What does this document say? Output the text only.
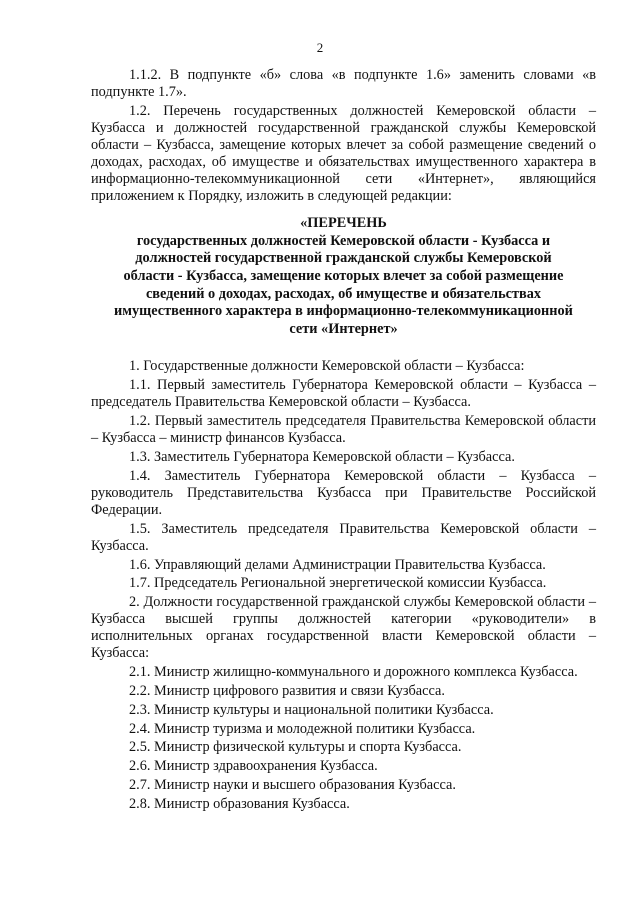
2

1.1.2. В подпункте «б» слова «в подпункте 1.6» заменить словами «в подпункте 1.7».

1.2. Перечень государственных должностей Кемеровской области – Кузбасса и должностей государственной гражданской службы Кемеровской области – Кузбасса, замещение которых влечет за собой размещение сведений о доходах, расходах, об имуществе и обязательствах имущественного характера в информационно-телекоммуникационной сети «Интернет», являющийся приложением к Порядку, изложить в следующей редакции:

«ПЕРЕЧЕНЬ
государственных должностей Кемеровской области - Кузбасса и
должностей государственной гражданской службы Кемеровской
области - Кузбасса, замещение которых влечет за собой размещение
сведений о доходах, расходах, об имуществе и обязательствах
имущественного характера в информационно-телекоммуникационной
сети «Интернет»

1. Государственные должности Кемеровской области – Кузбасса:

1.1. Первый заместитель Губернатора Кемеровской области – Кузбасса – председатель Правительства Кемеровской области – Кузбасса.

1.2. Первый заместитель председателя Правительства Кемеровской области – Кузбасса – министр финансов Кузбасса.

1.3. Заместитель Губернатора Кемеровской области – Кузбасса.

1.4. Заместитель Губернатора Кемеровской области – Кузбасса – руководитель Представительства Кузбасса при Правительстве Российской Федерации.

1.5. Заместитель председателя Правительства Кемеровской области – Кузбасса.

1.6. Управляющий делами Администрации Правительства Кузбасса.

1.7. Председатель Региональной энергетической комиссии Кузбасса.

2. Должности государственной гражданской службы Кемеровской области – Кузбасса высшей группы должностей категории «руководители» в исполнительных органах государственной власти Кемеровской области – Кузбасса:

2.1. Министр жилищно-коммунального и дорожного комплекса Кузбасса.

2.2. Министр цифрового развития и связи Кузбасса.

2.3. Министр культуры и национальной политики Кузбасса.

2.4. Министр туризма и молодежной политики Кузбасса.

2.5. Министр физической культуры и спорта Кузбасса.

2.6. Министр здравоохранения Кузбасса.

2.7. Министр науки и высшего образования Кузбасса.

2.8. Министр образования Кузбасса.
